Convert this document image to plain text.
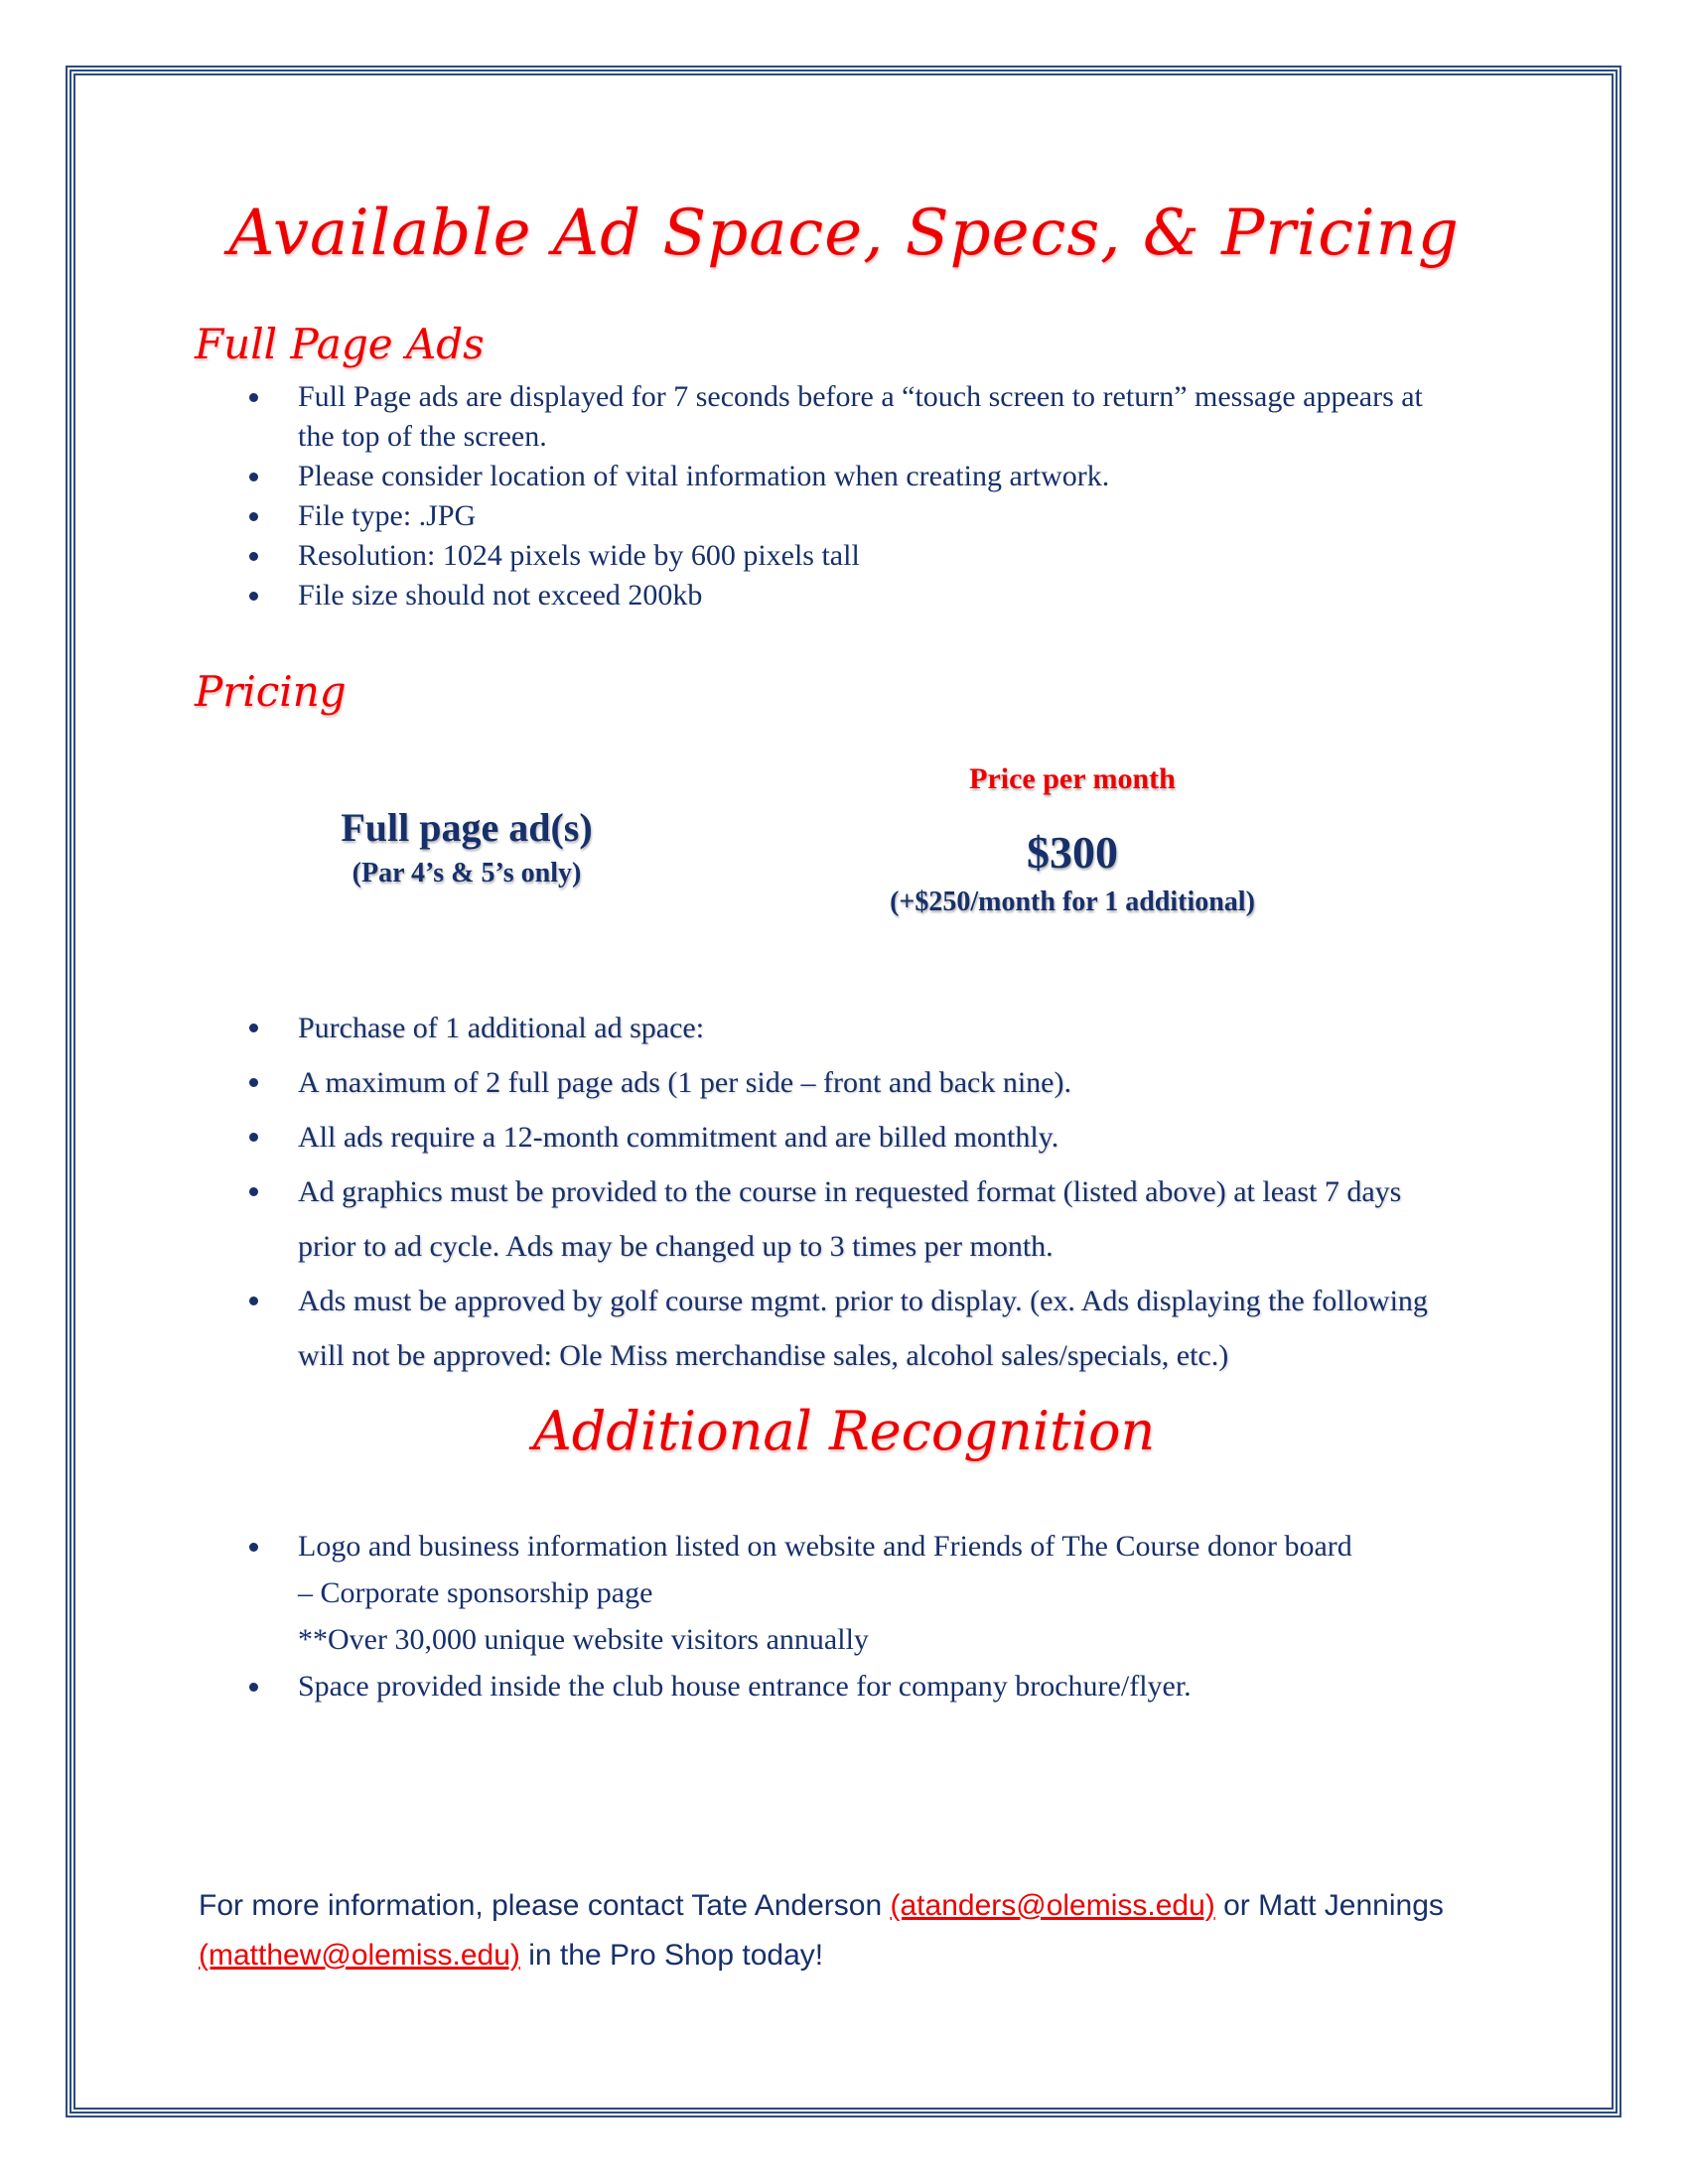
Available Ad Space, Specs, & Pricing
Full Page Ads
Full Page ads are displayed for 7 seconds before a “touch screen to return” message appears at the top of the screen.
Please consider location of vital information when creating artwork.
File type: .JPG
Resolution: 1024 pixels wide by 600 pixels tall
File size should not exceed 200kb
Pricing
Full page ad(s)
(Par 4’s & 5’s only)
Price per month
$300
(+$250/month for 1 additional)
Purchase of 1 additional ad space:
A maximum of 2 full page ads (1 per side – front and back nine).
All ads require a 12-month commitment and are billed monthly.
Ad graphics must be provided to the course in requested format (listed above) at least 7 days prior to ad cycle. Ads may be changed up to 3 times per month.
Ads must be approved by golf course mgmt. prior to display. (ex. Ads displaying the following will not be approved: Ole Miss merchandise sales, alcohol sales/specials, etc.)
Additional Recognition
Logo and business information listed on website and Friends of The Course donor board
– Corporate sponsorship page
**Over 30,000 unique website visitors annually
Space provided inside the club house entrance for company brochure/flyer.

For more information, please contact Tate Anderson (atanders@olemiss.edu) or Matt Jennings (matthew@olemiss.edu) in the Pro Shop today!
